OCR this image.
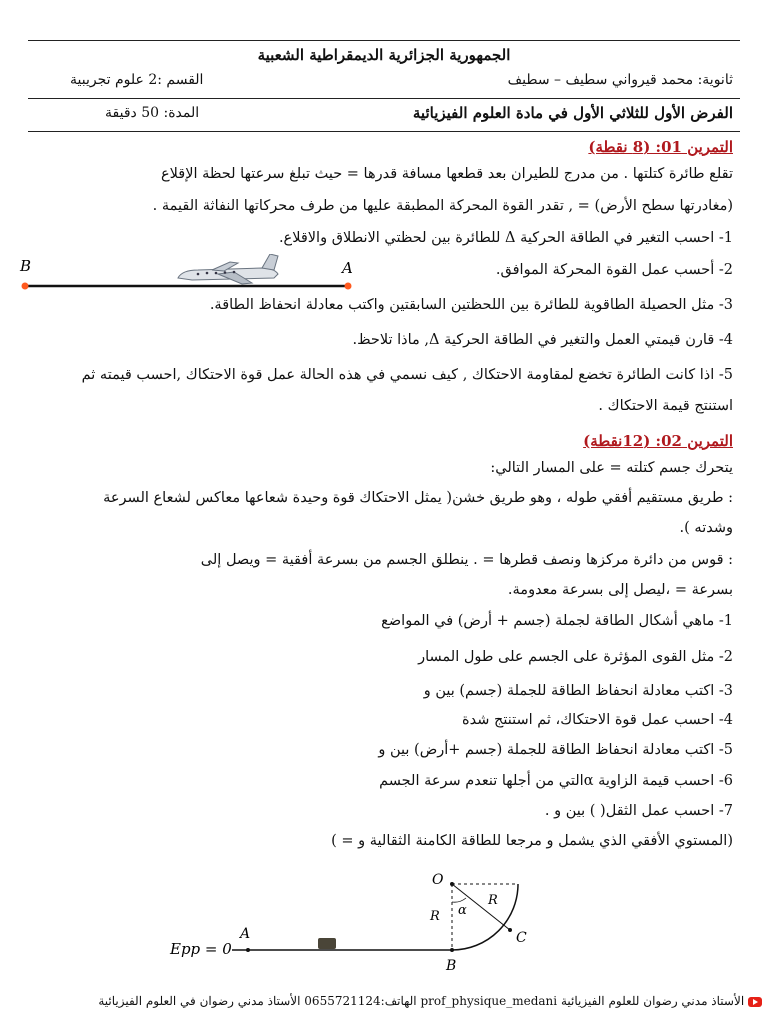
الجمهورية الجزائرية الديمقراطية الشعبية
ثانوية: محمد قيرواني سطيف – سطيف
القسم :2 علوم تجريبية
الفرض الأول للثلاثي الأول في مادة العلوم الفيزيائية
المدة: 50 دقيقة
التمرين 01: (8 نقطة)
تقلع طائرة كتلتها . من مدرج للطيران بعد قطعها مسافة قدرها = حيث تبلغ سرعتها لحظة الإقلاع
(مغادرتها سطح الأرض) = , تقدر القوة المحركة المطبقة عليها من طرف محركاتها النفاثة القيمة .
1- احسب التغير في الطاقة الحركية Δ للطائرة بين لحظتي الانطلاق والاقلاع.
B	A	2- أحسب عمل القوة المحركة الموافق.
3- مثل الحصيلة الطاقوية للطائرة بين اللحظتين السابقتين واكتب معادلة انحفاظ الطاقة.
4- قارن قيمتي العمل والتغير في الطاقة الحركية Δ, ماذا تلاحظ.
5- اذا كانت الطائرة تخضع لمقاومة الاحتكاك , كيف نسمي في هذه الحالة عمل قوة الاحتكاك ,احسب قيمته ثم
استنتج قيمة الاحتكاك .
التمرين 02: (12نقطة)
يتحرك جسم كتلته = على المسار التالي:
: طريق مستقيم أفقي طوله ، وهو طريق خشن( يمثل الاحتكاك قوة وحيدة شعاعها معاكس لشعاع السرعة
وشدته ).
: قوس من دائرة مركزها ونصف قطرها = . ينطلق الجسم من بسرعة أفقية = ويصل إلى
بسرعة = ،ليصل إلى بسرعة معدومة.
1- ماهي أشكال الطاقة لجملة (جسم + أرض) في المواضع
2- مثل القوى المؤثرة على الجسم على طول المسار
3- اكتب معادلة انحفاظ الطاقة للجملة (جسم) بين و
4- احسب عمل قوة الاحتكاك، ثم استنتج شدة
5- اكتب معادلة انحفاظ الطاقة للجملة (جسم +أرض) بين و
6- احسب قيمة الزاوية αالتي من أجلها تنعدم سرعة الجسم
7- احسب عمل الثقل( ) بين و .
(المستوي الأفقي الذي يشمل و مرجعا للطاقة الكامنة الثقالية و = )
Epp = 0
A
O
B
C
R
R
α
الأستاذ مدني رضوان للعلوم الفيزيائية prof_physique_medani الهاتف:0655721124 الأستاذ مدني رضوان في العلوم الفيزيائية
